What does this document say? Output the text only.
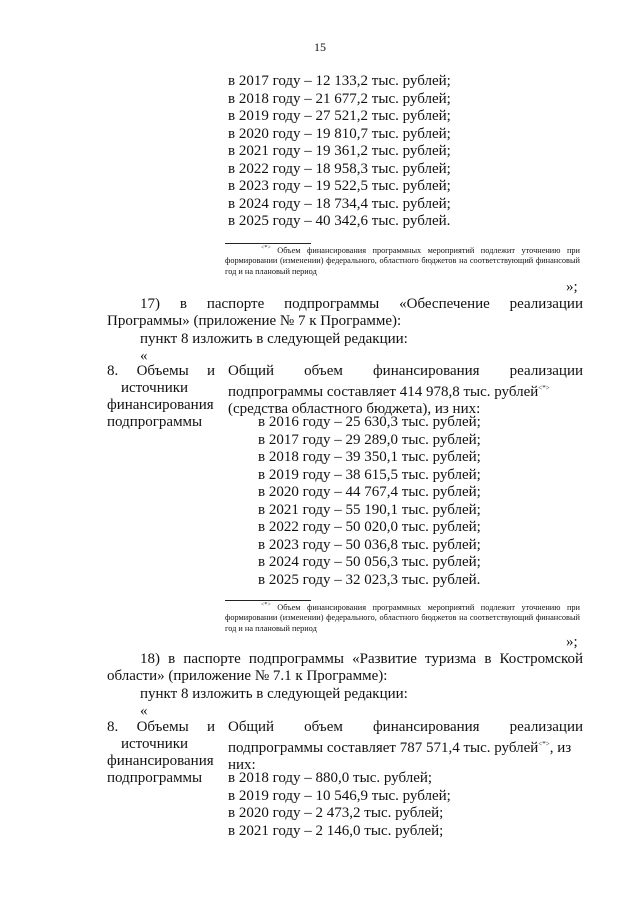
15
в 2017 году – 12 133,2 тыс. рублей;
в 2018 году – 21 677,2 тыс. рублей;
в 2019 году – 27 521,2 тыс. рублей;
в 2020 году – 19 810,7 тыс. рублей;
в 2021 году – 19 361,2 тыс. рублей;
в 2022 году – 18 958,3 тыс. рублей;
в 2023 году – 19 522,5 тыс. рублей;
в 2024 году – 18 734,4 тыс. рублей;
в 2025 году – 40 342,6 тыс. рублей.
<*> Объем финансирования программных мероприятий подлежит уточнению при формировании (изменении) федерального, областного бюджетов на соответствующий финансовый год и на плановый период
»;
17) в паспорте подпрограммы «Обеспечение реализации
Программы» (приложение № 7 к Программе):
пункт 8 изложить в следующей редакции:
«
8. Объемы и
источники
финансирования
подпрограммы
Общий объем финансирования реализации
подпрограммы составляет 414 978,8 тыс. рублей<*>
(средства областного бюджета), из них:
в 2016 году – 25 630,3 тыс. рублей;
в 2017 году – 29 289,0 тыс. рублей;
в 2018 году – 39 350,1 тыс. рублей;
в 2019 году – 38 615,5 тыс. рублей;
в 2020 году – 44 767,4 тыс. рублей;
в 2021 году – 55 190,1 тыс. рублей;
в 2022 году – 50 020,0 тыс. рублей;
в 2023 году – 50 036,8 тыс. рублей;
в 2024 году – 50 056,3 тыс. рублей;
в 2025 году – 32 023,3 тыс. рублей.
<*> Объем финансирования программных мероприятий подлежит уточнению при формировании (изменении) федерального, областного бюджетов на соответствующий финансовый год и на плановый период
»;
18) в паспорте подпрограммы «Развитие туризма в Костромской
области» (приложение № 7.1 к Программе):
пункт 8 изложить в следующей редакции:
«
8. Объемы и
источники
финансирования
подпрограммы
Общий объем финансирования реализации
подпрограммы составляет 787 571,4 тыс. рублей<*>, из
них:
в 2018 году – 880,0 тыс. рублей;
в 2019 году – 10 546,9 тыс. рублей;
в 2020 году – 2 473,2 тыс. рублей;
в 2021 году – 2 146,0 тыс. рублей;
